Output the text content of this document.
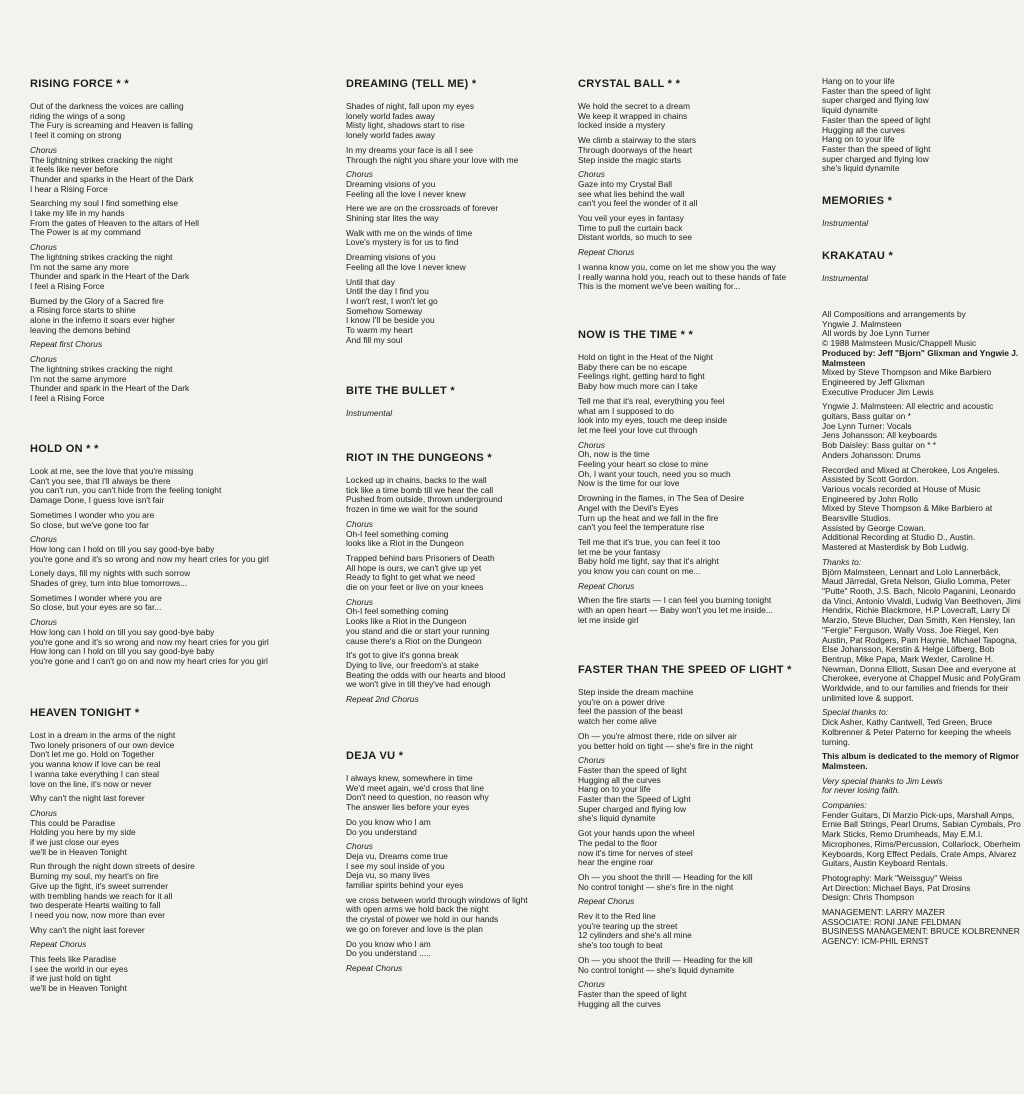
RISING FORCE * *
Out of the darkness the voices are calling
riding the wings of a song
The Fury is screaming and Heaven is falling
I feel it coming on strong
Chorus
The lightning strikes cracking the night
it feels like never before
Thunder and sparks in the Heart of the Dark
I hear a Rising Force
Searching my soul I find something else
I take my life in my hands
From the gates of Heaven to the altars of Hell
The Power is at my command
Chorus
The lightning strikes cracking the night
I'm not the same any more
Thunder and spark in the Heart of the Dark
I feel a Rising Force
Burned by the Glory of a Sacred fire
a Rising force starts to shine
alone in the inferno it soars ever higher
leaving the demons behind
Repeat first Chorus
Chorus
The lightning strikes cracking the night
I'm not the same anymore
Thunder and spark in the Heart of the Dark
I feel a Rising Force
HOLD ON * *
Look at me, see the love that you're missing
Can't you see, that I'll always be there
you can't run, you can't hide from the feeling tonight
Damage Done, I guess love isn't fair
Sometimes I wonder who you are
So close, but we've gone too far
Chorus
How long can I hold on till you say good-bye baby
you're gone and it's so wrong and now my heart cries for you girl
Lonely days, fill my nights with such sorrow
Shades of grey, turn into blue tomorrows...
Sometimes I wonder where you are
So close, but your eyes are so far...
Chorus
How long can I hold on till you say good-bye baby
you're gone and it's so wrong and now my heart cries for you girl
How long can I hold on till you say good-bye baby
you're gone and I can't go on and now my heart cries for you girl
HEAVEN TONIGHT *
Lost in a dream in the arms of the night
Two lonely prisoners of our own device
Don't let me go. Hold on Together
you wanna know if love can be real
I wanna take everything I can steal
love on the line, it's now or never
Why can't the night last forever
Chorus
This could be Paradise
Holding you here by my side
if we just close our eyes
we'll be in Heaven Tonight
Run through the night down streets of desire
Burning my soul, my heart's on fire
Give up the fight, it's sweet surrender
with trembling hands we reach for it all
two desperate Hearts waiting to fall
I need you now, now more than ever
Why can't the night last forever
Repeat Chorus
This feels like Paradise
I see the world in our eyes
if we just hold on tight
we'll be in Heaven Tonight
DREAMING (TELL ME) *
Shades of night, fall upon my eyes
lonely world fades away
Misty light, shadows start to rise
lonely world fades away
In my dreams your face is all I see
Through the night you share your love with me
Chorus
Dreaming visions of you
Feeling all the love I never knew
Here we are on the crossroads of forever
Shining star lites the way
Walk with me on the winds of time
Love's mystery is for us to find
Dreaming visions of you
Feeling all the love I never knew
Until that day
Until the day I find you
I won't rest, I won't let go
Somehow Someway
I know I'll be beside you
To warm my heart
And fill my soul
BITE THE BULLET *
Instrumental
RIOT IN THE DUNGEONS *
Locked up in chains, backs to the wall
tick like a time bomb till we hear the call
Pushed from outside, thrown underground
frozen in time we wait for the sound
Chorus
Oh-I feel something coming
looks like a Riot in the Dungeon
Trapped behind bars Prisoners of Death
All hope is ours, we can't give up yet
Ready to fight to get what we need
die on your feet or live on your knees
Chorus
Oh-I feel something coming
Looks like a Riot in the Dungeon
you stand and die or start your running
cause there's a Riot on the Dungeon
It's got to give it's gonna break
Dying to live, our freedom's at stake
Beating the odds with our hearts and blood
we won't give in till they've had enough
Repeat 2nd Chorus
DEJA VU *
I always knew, somewhere in time
We'd meet again, we'd cross that line
Don't need to question, no reason why
The answer lies before your eyes
Do you know who I am
Do you understand
Chorus
Deja vu, Dreams come true
I see my soul inside of you
Deja vu, so many lives
familiar spirits behind your eyes
we cross between world through windows of light
with open arms we hold back the night
the crystal of power we hold in our hands
we go on forever and love is the plan
Do you know who I am
Do you understand .....
Repeat Chorus
CRYSTAL BALL * *
We hold the secret to a dream
We keep it wrapped in chains
locked inside a mystery
We climb a stairway to the stars
Through doorways of the heart
Step inside the magic starts
Chorus
Gaze into my Crystal Ball
see what lies behind the wall
can't you feel the wonder of it all
You veil your eyes in fantasy
Time to pull the curtain back
Distant worlds, so much to see
Repeat Chorus
I wanna know you, come on let me show you the way
I really wanna hold you, reach out to these hands of fate
This is the moment we've been waiting for...
NOW IS THE TIME * *
Hold on tight in the Heat of the Night
Baby there can be no escape
Feelings right, getting hard to fight
Baby how much more can I take
Tell me that it's real, everything you feel
what am I supposed to do
look into my eyes, touch me deep inside
let me feel your love cut through
Chorus
Oh, now is the time
Feeling your heart so close to mine
Oh, I want your touch, need you so much
Now is the time for our love
Drowning in the flames, in The Sea of Desire
Angel with the Devil's Eyes
Turn up the heat and we fall in the fire
can't you feel the temperature rise
Tell me that it's true, you can feel it too
let me be your fantasy
Baby hold me tight, say that it's alright
you know you can count on me...
Repeat Chorus
When the fire starts — I can feel you burning tonight
with an open heart — Baby won't you let me inside...
let me inside girl
FASTER THAN THE SPEED OF LIGHT *
Step inside the dream machine
you're on a power drive
feel the passion of the beast
watch her come alive
Oh — you're almost there, ride on silver air
you better hold on tight — she's fire in the night
Chorus
Faster than the speed of light
Hugging all the curves
Hang on to your life
Faster than the Speed of Light
Super charged and flying low
she's liquid dynamite
Got your hands upon the wheel
The pedal to the floor
now it's time for nerves of steel
hear the engine roar
Oh — you shoot the thrill — Heading for the kill
No control tonight — she's fire in the night
Repeat Chorus
Rev it to the Red line
you're tearing up the street
12 cylinders and she's all mine
she's too tough to beat
Oh — you shoot the thrill — Heading for the kill
No control tonight — she's liquid dynamite
Chorus
Faster than the speed of light
Hugging all the curves
Hang on to your life
Faster than the speed of light
super charged and flying low
liquid dynamite
Faster than the speed of light
Hugging all the curves
Hang on to your life
Faster than the speed of light
super charged and flying low
she's liquid dynamite
MEMORIES *
Instrumental
KRAKATAU *
Instrumental
All Compositions and arrangements by
Yngwie J. Malmsteen
All words by Joe Lynn Turner
© 1988 Malmsteen Music/Chappell Music
Produced by: Jeff "Bjorn" Glixman and Yngwie J. Malmsteen
Mixed by Steve Thompson and Mike Barbiero
Engineered by Jeff Glixman
Executive Producer Jim Lewis
Yngwie J. Malmsteen: All electric and acoustic guitars, Bass guitar on *
Joe Lynn Turner: Vocals
Jens Johansson: All keyboards
Bob Daisley: Bass guitar on * *
Anders Johansson: Drums
Recorded and Mixed at Cherokee, Los Angeles.
Assisted by Scott Gordon.
Various vocals recorded at House of Music
Engineered by John Rollo
Mixed by Steve Thompson & Mike Barbiero at Bearsville Studios.
Assisted by George Cowan.
Additional Recording at Studio D., Austin.
Mastered at Masterdisk by Bob Ludwig.
Thanks to:
Björn Malmsteen, Lennart and Lolo Lannerbäck, Maud Järredal, Greta Nelson, Giulio Lomma, Peter "Putte" Rooth, J.S. Bach, Nicolo Paganini, Leonardo da Vinci, Antonio Vivaldi, Ludwig Van Beethoven, Jimi Hendrix, Richie Blackmore, H.P Lovecraft, Larry Di Marzio, Steve Blucher, Dan Smith, Ken Hensley, Ian "Fergie" Ferguson, Wally Voss, Joe Riegel, Ken Austin, Pat Rodgers, Pam Haynie, Michael Tapogna, Else Johansson, Kerstin & Helge Löfberg, Bob Bentrup, Mike Papa, Mark Wexler, Caroline H. Newman, Donna Elliott, Susan Dee and everyone at Cherokee, everyone at Chappel Music and PolyGram Worldwide, and to our families and friends for their unlimited love & support.
Special thanks to:
Dick Asher, Kathy Cantwell, Ted Green, Bruce Kolbrenner & Peter Paterno for keeping the wheels turning.
This album is dedicated to the memory of Rigmor Malmsteen.
Very special thanks to Jim Lewis
for never losing faith.
Companies:
Fender Guitars, Di Marzio Pick-ups, Marshall Amps, Ernie Ball Strings, Pearl Drums, Sabian Cymbals, Pro Mark Sticks, Remo Drumheads, May E.M.I. Microphones, Rims/Percussion, Collarlock, Oberheim Keyboards, Korg Effect Pedals, Crate Amps, Alvarez Guitars, Austin Keyboard Rentals.
Photography: Mark "Weissguy" Weiss
Art Direction: Michael Bays, Pat Drosins
Design: Chris Thompson
MANAGEMENT: LARRY MAZER
ASSOCIATE: RONI JANE FELDMAN
BUSINESS MANAGEMENT: BRUCE KOLBRENNER
AGENCY: ICM-PHIL ERNST
